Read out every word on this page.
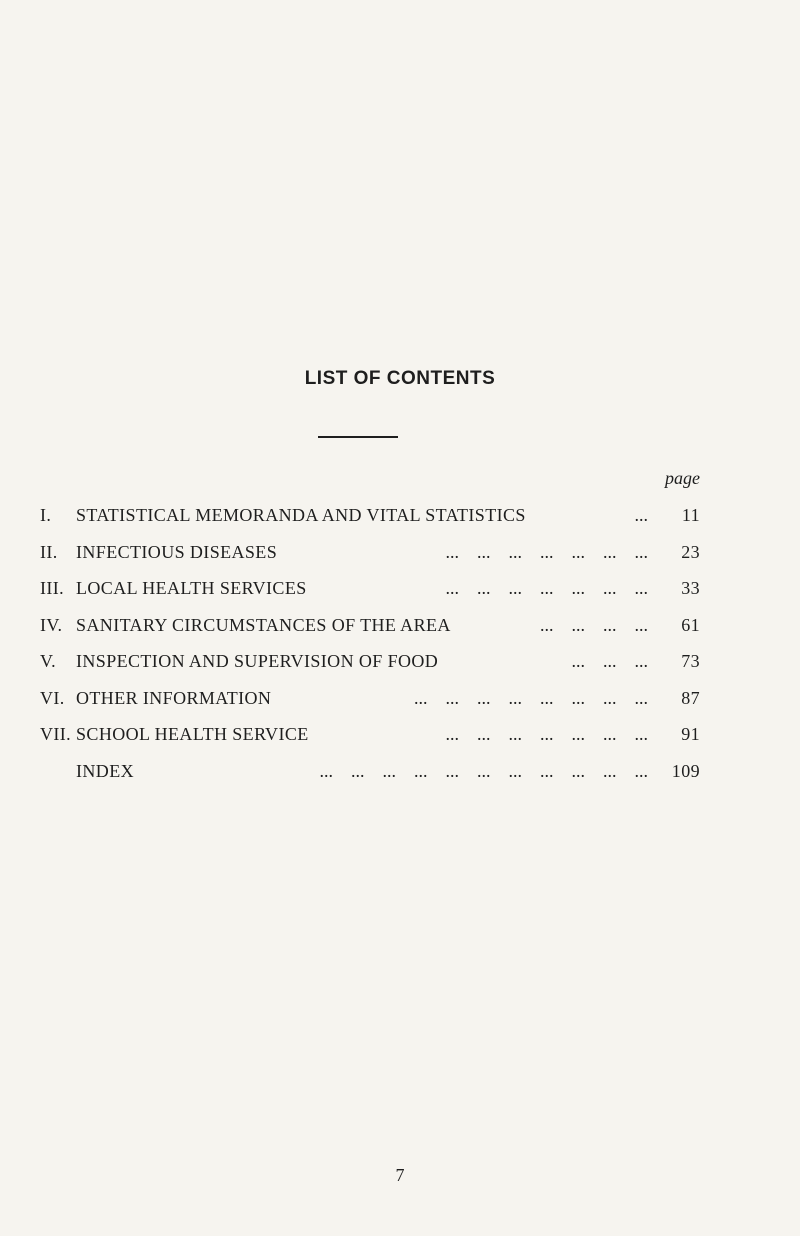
LIST OF CONTENTS
page
I. STATISTICAL MEMORANDA AND VITAL STATISTICS	...	11
II. INFECTIOUS DISEASES	...    ...    ...    ...    ...    ...    ...	23
III. LOCAL HEALTH SERVICES	...    ...    ...    ...    ...    ...    ...	33
IV. SANITARY CIRCUMSTANCES OF THE AREA	...    ...    ...    ...	61
V. INSPECTION AND SUPERVISION OF FOOD	...    ...    ...	73
VI. OTHER INFORMATION	...    ...    ...    ...    ...    ...    ...    ...	87
VII. SCHOOL HEALTH SERVICE	...    ...    ...    ...    ...    ...    ...	91
INDEX	...    ...    ...    ...    ...    ...    ...    ...    ...    ...    ...	109
7
